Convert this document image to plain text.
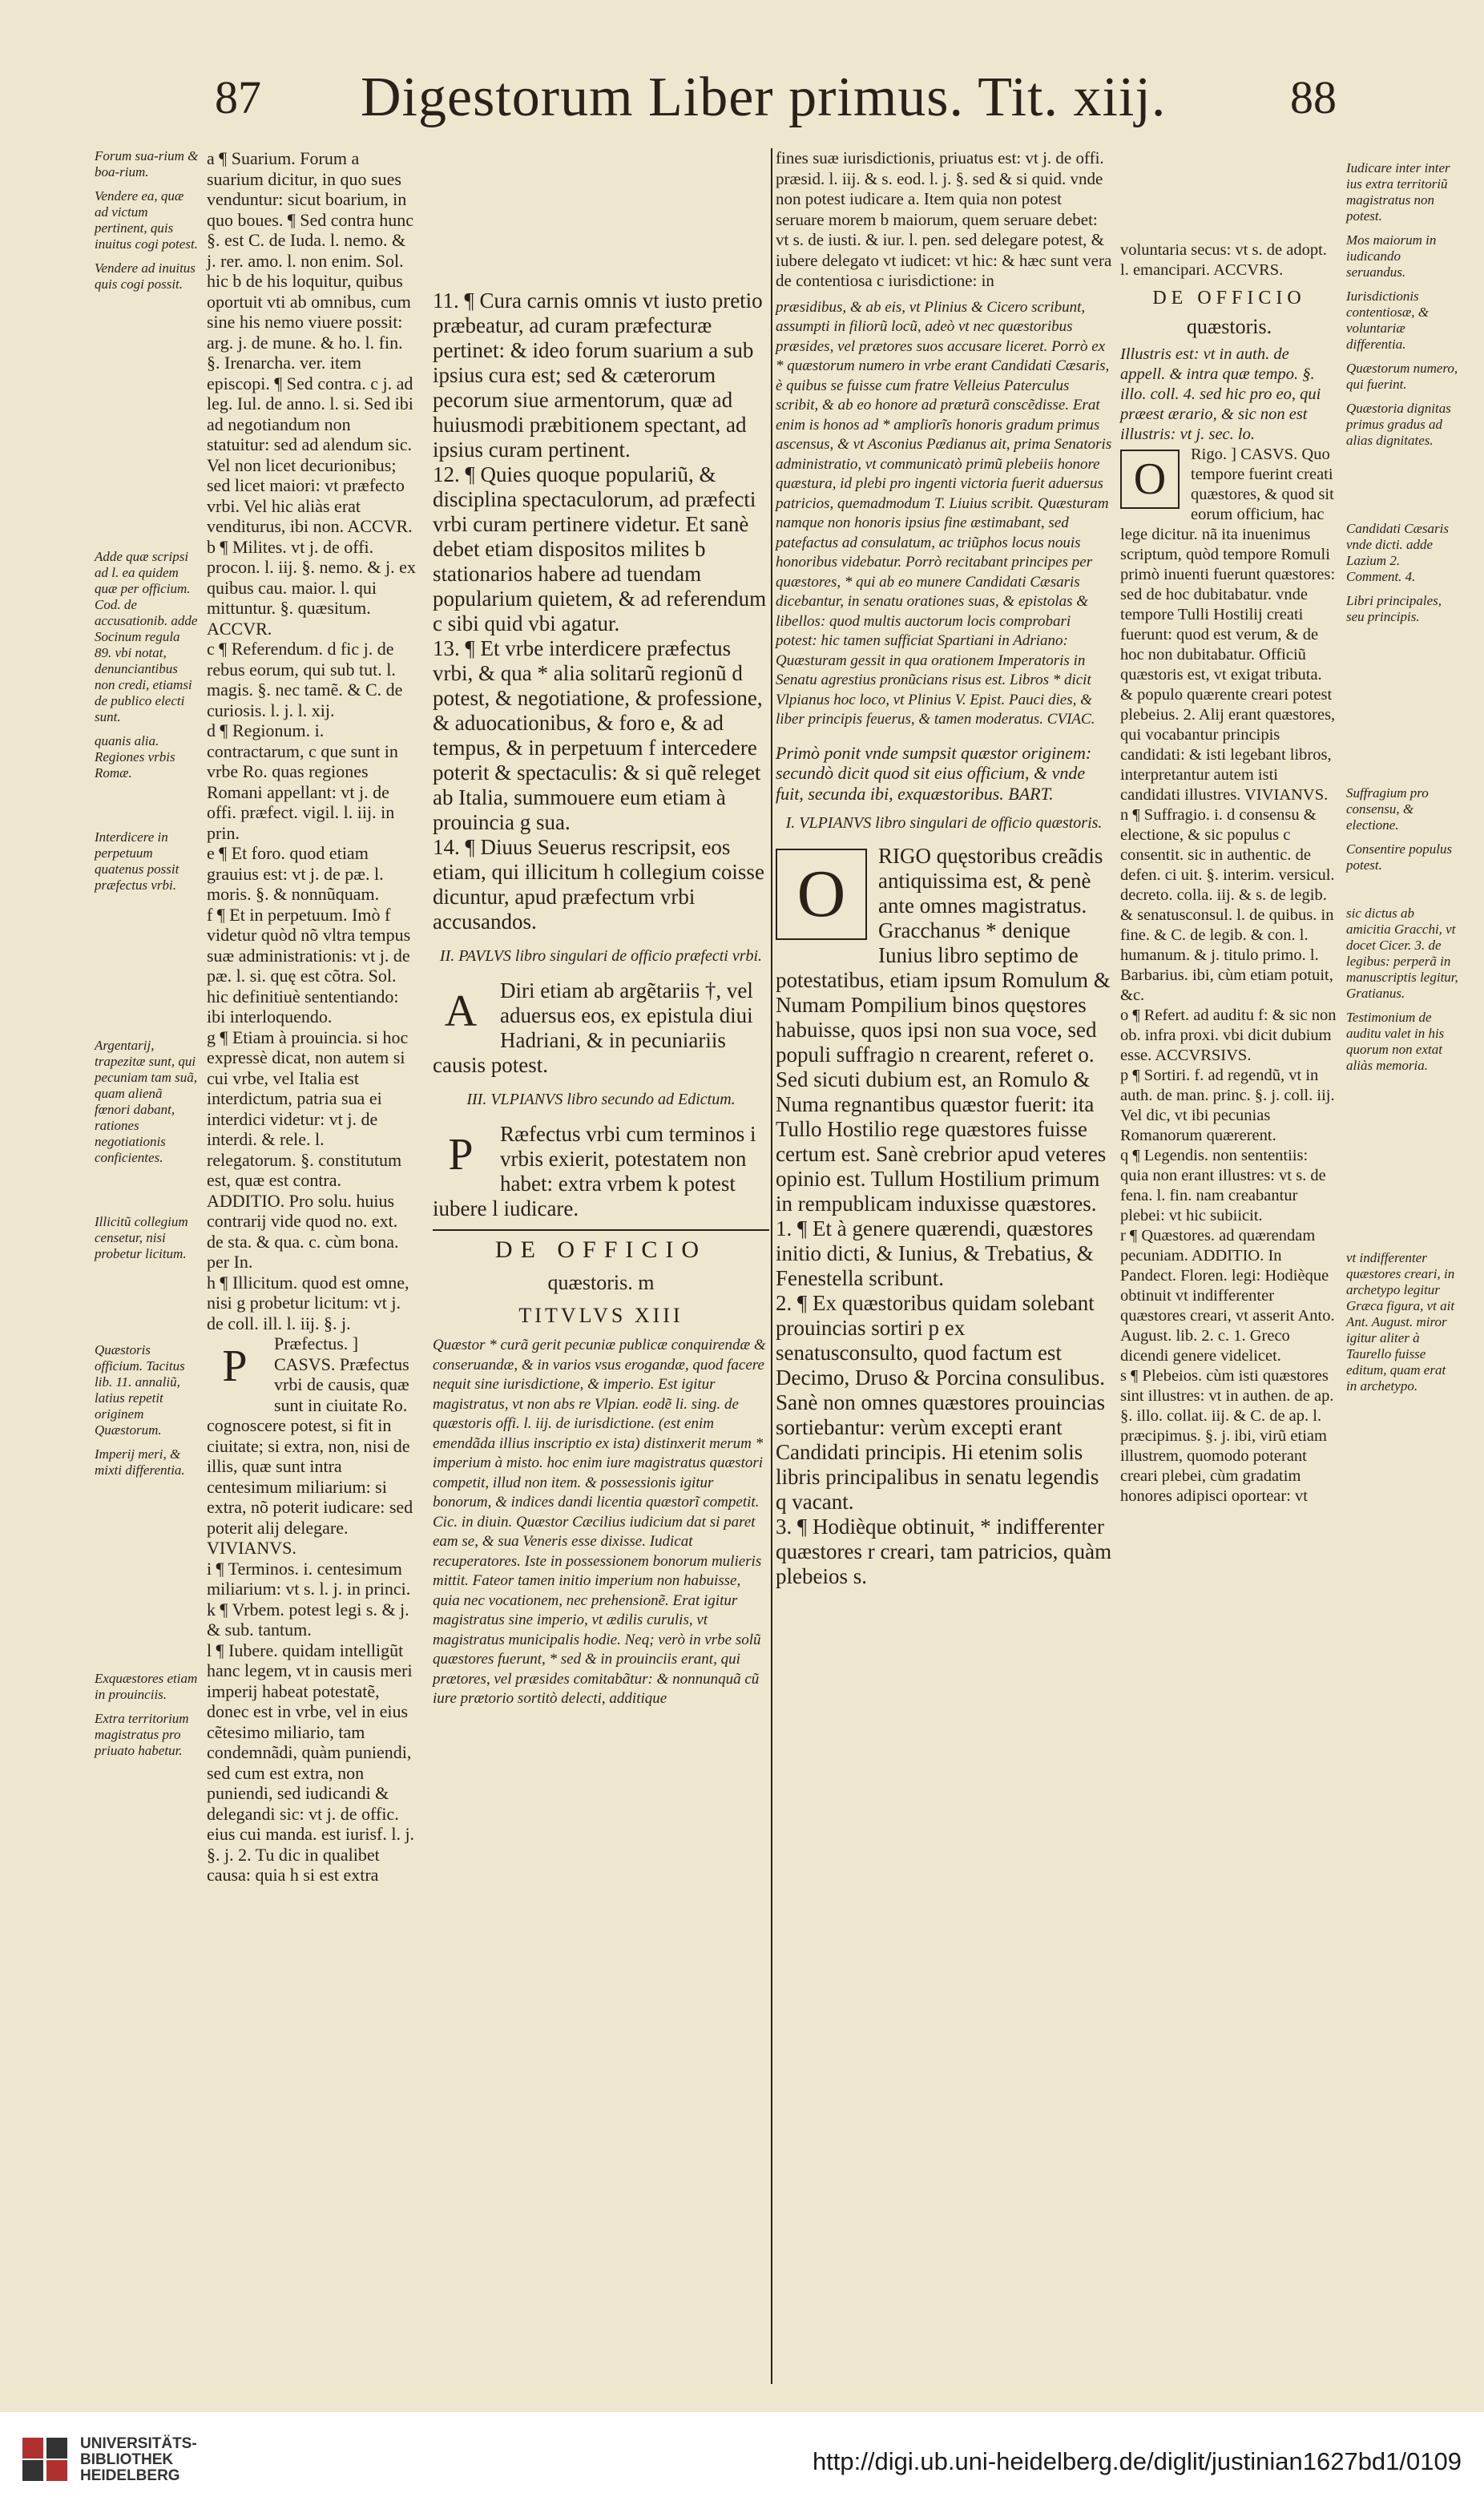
87 Digestorum Liber primus. Tit. xiij.	88

Forum sua-rium & boa-rium.

Vendere ea, quæ ad victum pertinent, quis inuitus cogi potest.

Vendere ad inuitus quis cogi possit.

Adde quæ scripsi ad l. ea quidem quæ per officium. Cod. de accusationib. adde Socinum regula 89. vbi notat, denunciantibus non credi, etiamsi de publico electi sunt.

quanis alia. Regiones vrbis Romæ.

Interdicere in perpetuum quatenus possit præfectus vrbi.

Argentarij, trapezitæ sunt, qui pecuniam tam suã, quam alienã fœnori dabant, rationes negotiationis conficientes.

Illicitũ collegium censetur, nisi probetur licitum.

Quæstoris officium. Tacitus lib. 11. annaliũ, latius repetit originem Quæstorum.

Imperij meri, & mixti differentia.

Exquæstores etiam in prouinciis.

Extra territorium magistratus pro priuato habetur.

a ¶ Suarium. Forum a suarium dicitur, in quo sues venduntur: sicut boarium, in quo boues. ¶ Sed contra hunc §. est C. de Iuda. l. nemo. & j. rer. amo. l. non enim. Sol. hic b de his loquitur, quibus oportuit vti ab omnibus, cum sine his nemo viuere possit: arg. j. de mune. & ho. l. fin. §. Irenarcha. ver. item episcopi. ¶ Sed contra. c j. ad leg. Iul. de anno. l. si. Sed ibi ad negotiandum non statuitur: sed ad alendum sic. Vel non licet decurionibus; sed licet maiori: vt præfecto vrbi. Vel hic aliàs erat venditurus, ibi non. ACCVR.

b ¶ Milites. vt j. de offi. procon. l. iij. §. nemo. & j. ex quibus cau. maior. l. qui mittuntur. §. quæsitum. ACCVR.

c ¶ Referendum. d fic j. de rebus eorum, qui sub tut. l. magis. §. nec tamẽ. & C. de curiosis. l. j. l. xij.

d ¶ Regionum. i. contractarum, c que sunt in vrbe Ro. quas regiones Romani appellant: vt j. de offi. præfect. vigil. l. iij. in prin.

e ¶ Et foro. quod etiam grauius est: vt j. de pæ. l. moris. §. & nonnũquam.

f ¶ Et in perpetuum. Imò f videtur quòd nõ vltra tempus suæ administrationis: vt j. de pæ. l. si. quę est cõtra. Sol. hic definitiuè sententiando: ibi interloquendo.

g ¶ Etiam à prouincia. si hoc expressè dicat, non autem si cui vrbe, vel Italia est interdictum, patria sua ei interdici videtur: vt j. de interdi. & rele. l. relegatorum. §. constitutum est, quæ est contra. ADDITIO. Pro solu. huius contrarij vide quod no. ext. de sta. & qua. c. cùm bona. per In.

h ¶ Illicitum. quod est omne, nisi g probetur licitum: vt j. de coll. ill. l. iij. §. j.

P	Præfectus. ] CASVS. Præfectus vrbi de causis, quæ sunt in ciuitate Ro. cognoscere potest, si fit in ciuitate; si extra, non, nisi de illis, quæ sunt intra centesimum miliarium: si extra, nõ poterit iudicare: sed poterit alij delegare. VIVIANVS.

i ¶ Terminos. i. centesimum miliarium: vt s. l. j. in princi.

k ¶ Vrbem. potest legi s. & j. & sub. tantum.

l ¶ Iubere. quidam intelligũt hanc legem, vt in causis meri imperij habeat potestatẽ, donec est in vrbe, vel in eius cẽtesimo miliario, tam condemnãdi, quàm puniendi, sed cum est extra, non puniendi, sed iudicandi & delegandi sic: vt j. de offic. eius cui manda. est iurisf. l. j. §. j. 2. Tu dic in qualibet causa: quia h si est extra

11. ¶ Cura carnis omnis vt iusto pretio præbeatur, ad curam præfecturæ pertinet: & ideo forum suarium a sub ipsius cura est; sed & cæterorum pecorum siue armentorum, quæ ad huiusmodi præbitionem spectant, ad ipsius curam pertinent.

12. ¶ Quies quoque populariũ, & disciplina spectaculorum, ad præfecti vrbi curam pertinere videtur. Et sanè debet etiam dispositos milites b stationarios habere ad tuendam popularium quietem, & ad referendum c sibi quid vbi agatur.

13. ¶ Et vrbe interdicere præfectus vrbi, & qua * alia solitarũ regionũ d potest, & negotiatione, & professione, & aduocationibus, & foro e, & ad tempus, & in perpetuum f intercedere poterit & spectaculis: & si quẽ releget ab Italia, summouere eum etiam à prouincia g sua.

14. ¶ Diuus Seuerus rescripsit, eos etiam, qui illicitum h collegium coisse dicuntur, apud præfectum vrbi accusandos.

II. PAVLVS libro singulari de officio præfecti vrbi.

A	Diri etiam ab argẽtariis †, vel aduersus eos, ex epistula diui Hadriani, & in pecuniariis causis potest.

III. VLPIANVS libro secundo ad Edictum.

P	Ræfectus vrbi cum terminos i vrbis exierit, potestatem non habet: extra vrbem k potest iubere l iudicare.

DE OFFICIO
quæstoris. m
TITVLVS XIII

Quæstor * curã gerit pecuniæ publicæ conquirendæ & conseruandæ, & in varios vsus erogandæ, quod facere nequit sine iurisdictione, & imperio. Est igitur magistratus, vt non abs re Vlpian. eodẽ li. sing. de quæstoris offi. l. iij. de iurisdictione. (est enim emendãda illius inscriptio ex ista) distinxerit merum * imperium à misto. hoc enim iure magistratus quæstori competit, illud non item. & possessionis igitur bonorum, & indices dandi licentia quæstorĩ competit. Cic. in diuin. Quæstor Cæcilius iudicium dat si paret eam se, & sua Veneris esse dixisse. Iudicat recuperatores. Iste in possessionem bonorum mulieris mittit. Fateor tamen initio imperium non habuisse, quia nec vocationem, nec prehensionẽ. Erat igitur magistratus sine imperio, vt ædilis curulis, vt magistratus municipalis hodie. Neq; verò in vrbe solũ quæstores fuerunt, * sed & in prouinciis erant, qui prætores, vel præsides comitabãtur: & nonnunquã cũ iure prætorio sortitò delecti, additique

fines suæ iurisdictionis, priuatus est: vt j. de offi. præsid. l. iij. & s. eod. l. j. §. sed & si quid. vnde non potest iudicare a. Item quia non potest seruare morem b maiorum, quem seruare debet: vt s. de iusti. & iur. l. pen. sed delegare potest, & iubere delegato vt iudicet: vt hic: & hæc sunt vera de contentiosa c iurisdictione: in

præsidibus, & ab eis, vt Plinius & Cicero scribunt, assumpti in filiorũ locũ, adeò vt nec quæstoribus præsides, vel prætores suos accusare liceret. Porrò ex * quæstorum numero in vrbe erant Candidati Cæsaris, è quibus se fuisse cum fratre Velleius Paterculus scribit, & ab eo honore ad præturã conscẽdisse. Erat enim is honos ad * ampliorĩs honoris gradum primus ascensus, & vt Asconius Pædianus ait, prima Senatoris administratio, vt communicatò primũ plebeiis honore quæstura, id plebi pro ingenti victoria fuerit aduersus patricios, quemadmodum T. Liuius scribit. Quæsturam namque non honoris ipsius fine æstimabant, sed patefactus ad consulatum, ac triũphos locus nouis honoribus videbatur. Porrò recitabant principes per quæstores, * qui ab eo munere Candidati Cæsaris dicebantur, in senatu orationes suas, & epistolas & libellos: quod multis auctorum locis comprobari potest: hic tamen sufficiat Spartiani in Adriano: Quæsturam gessit in qua orationem Imperatoris in Senatu agrestius pronũcians risus est. Libros * dicit Vlpianus hoc loco, vt Plinius V. Epist. Pauci dies, & liber principis feuerus, & tamen moderatus. CVIAC.

Primò ponit vnde sumpsit quæstor originem: secundò dicit quod sit eius officium, & vnde fuit, secunda ibi, exquæstoribus. BART.

I. VLPIANVS libro singulari de officio quæstoris.

O
RIGO quęstoribus creãdis antiquissima est, & penè ante omnes magistratus. Gracchanus * denique Iunius libro septimo de potestatibus, etiam ipsum Romulum & Numam Pompilium binos quęstores habuisse, quos ipsi non sua voce, sed populi suffragio n crearent, referet o. Sed sicuti dubium est, an Romulo & Numa regnantibus quæstor fuerit: ita Tullo Hostilio rege quæstores fuisse certum est. Sanè crebrior apud veteres opinio est. Tullum Hostilium primum in rempublicam induxisse quæstores.

1. ¶ Et à genere quærendi, quæstores initio dicti, & Iunius, & Trebatius, & Fenestella scribunt.

2. ¶ Ex quæstoribus quidam solebant prouincias sortiri p ex senatusconsulto, quod factum est Decimo, Druso & Porcina consulibus. Sanè non omnes quæstores prouincias sortiebantur: verùm excepti erant Candidati principis. Hi etenim solis libris principalibus in senatu legendis q vacant.

3. ¶ Hodièque obtinuit, * indifferenter quæstores r creari, tam patricios, quàm plebeios s.

voluntaria secus: vt s. de adopt. l. emancipari. ACCVRS.

DE OFFICIO
quæstoris.

Illustris est: vt in auth. de appell. & intra quæ tempo. §. illo. coll. 4. sed hic pro eo, qui præest ærario, & sic non est illustris: vt j. sec. lo.

O	Rigo. ] CASVS. Quo tempore fuerint creati quæstores, & quod sit eorum officium, hac lege dicitur. nã ita inuenimus scriptum, quòd tempore Romuli primò inuenti fuerunt quæstores: sed de hoc dubitabatur. vnde tempore Tulli Hostilij creati fuerunt: quod est verum, & de hoc non dubitabatur. Officiũ quæstoris est, vt exigat tributa. & populo quærente creari potest plebeius. 2. Alij erant quæstores, qui vocabantur principis candidati: & isti legebant libros, interpretantur autem isti candidati illustres. VIVIANVS.

n ¶ Suffragio. i. d consensu & electione, & sic populus c consentit. sic in authentic. de defen. ci uit. §. interim. versicul. decreto. colla. iij. & s. de legib. & senatusconsul. l. de quibus. in fine. & C. de legib. & con. l. humanum. & j. titulo primo. l. Barbarius. ibi, cùm etiam potuit, &c.

o ¶ Refert. ad auditu f: & sic non ob. infra proxi. vbi dicit dubium esse. ACCVRSIVS.

p ¶ Sortiri. f. ad regendũ, vt in auth. de man. princ. §. j. coll. iij. Vel dic, vt ibi pecunias Romanorum quærerent.

q ¶ Legendis. non sententiis: quia non erant illustres: vt s. de fena. l. fin. nam creabantur plebei: vt hic subiicit.

r ¶ Quæstores. ad quærendam pecuniam. ADDITIO. In Pandect. Floren. legi: Hodièque obtinuit vt indifferenter quæstores creari, vt asserit Anto. August. lib. 2. c. 1. Greco dicendi genere videlicet.

s ¶ Plebeios. cùm isti quæstores sint illustres: vt in authen. de ap. §. illo. collat. iij. & C. de ap. l. præcipimus. §. j. ibi, virũ etiam illustrem, quomodo poterant creari plebei, cùm gradatim honores adipisci oportear: vt

Iudicare inter inter ius extra territoriũ magistratus non potest.

Mos maiorum in iudicando seruandus.

Iurisdictionis contentiosæ, & voluntariæ differentia.

Quæstorum numero, qui fuerint.

Quæstoria dignitas primus gradus ad alias dignitates.

Candidati Cæsaris vnde dicti. adde Lazium 2. Comment. 4.

Libri principales, seu principis.

Suffragium pro consensu, & electione.

Consentire populus potest.

sic dictus ab amicitia Gracchi, vt docet Cicer. 3. de legibus: perperã in manuscriptis legitur, Gratianus.

Testimonium de auditu valet in his quorum non extat aliàs memoria.

vt indifferenter quæstores creari, in archetypo legitur Græca figura, vt ait Ant. August. miror igitur aliter à Taurello fuisse editum, quam erat in archetypo.

UNIVERSITÄTS-
BIBLIOTHEK
HEIDELBERG
http://digi.ub.uni-heidelberg.de/diglit/justinian1627bd1/0109
